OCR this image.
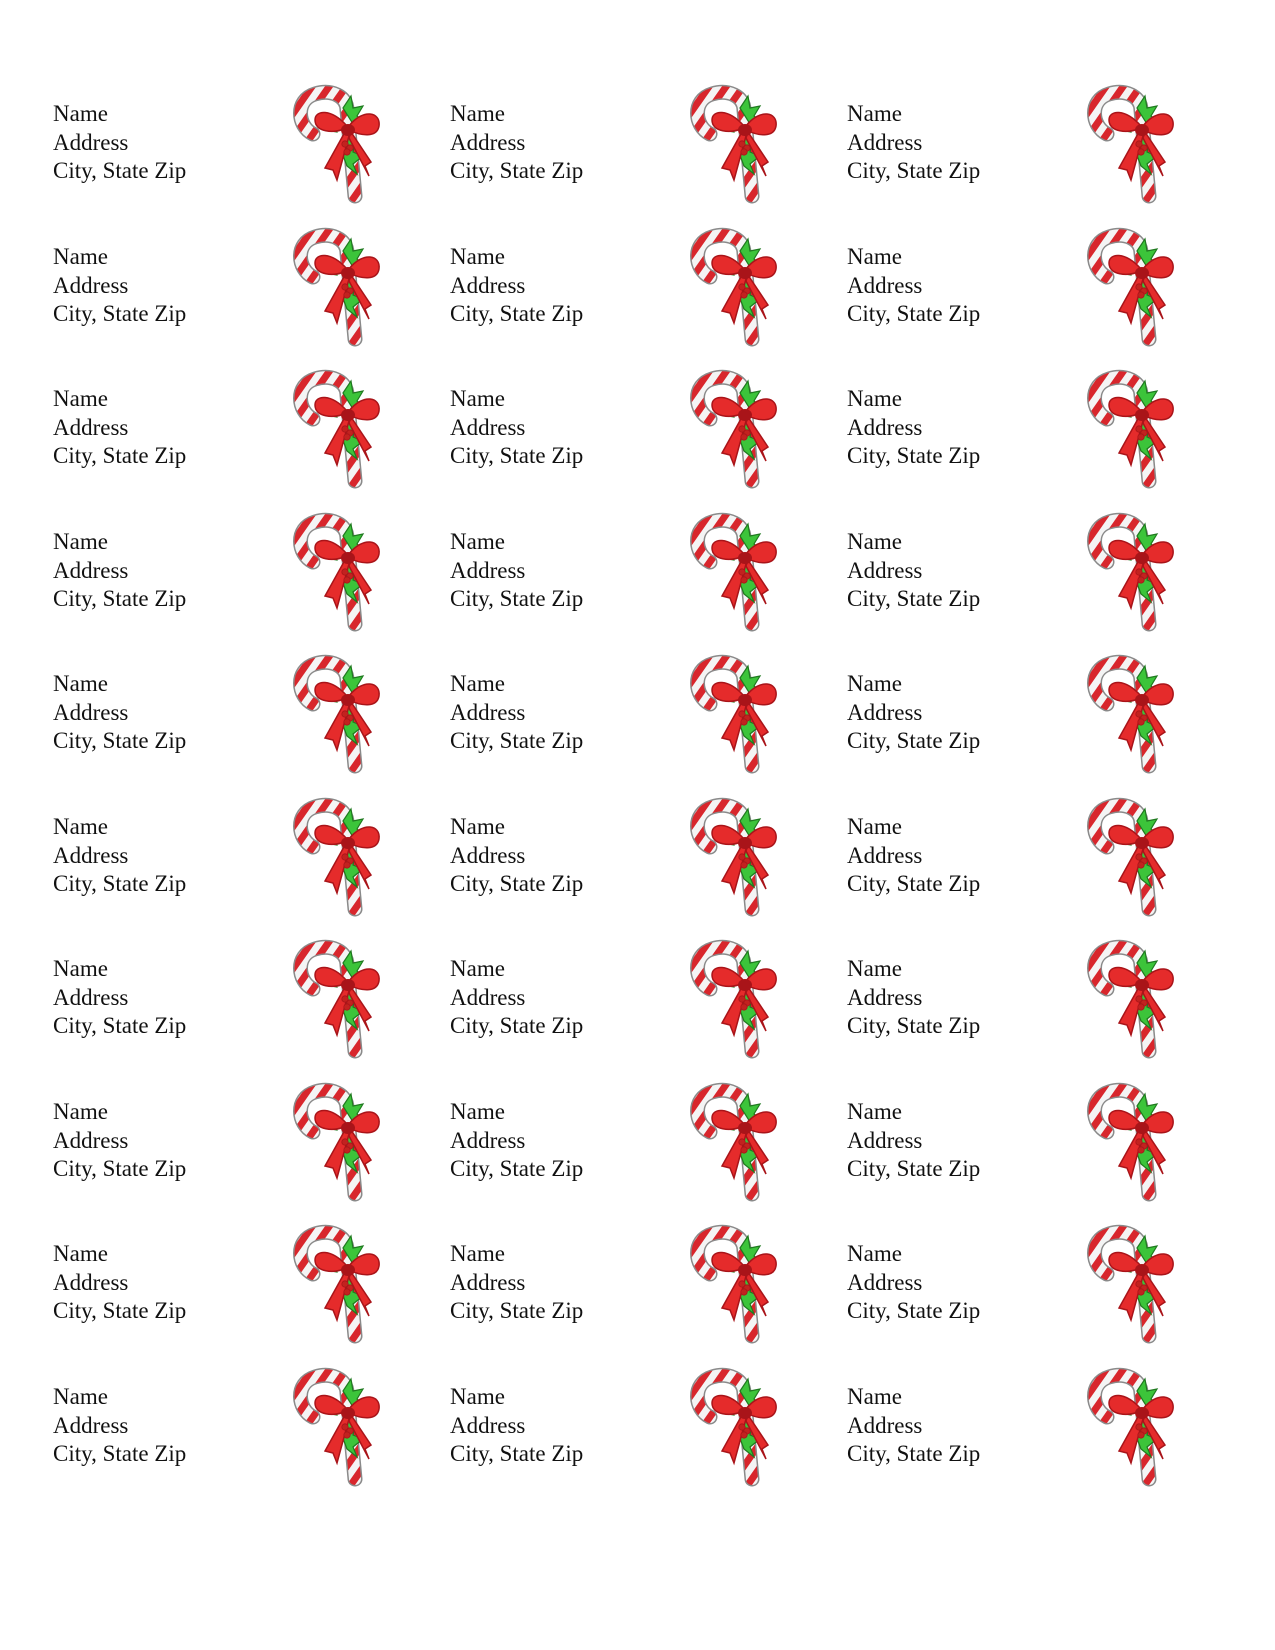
Name
Address
City, State Zip
Name
Address
City, State Zip
Name
Address
City, State Zip
Name
Address
City, State Zip
Name
Address
City, State Zip
Name
Address
City, State Zip
Name
Address
City, State Zip
Name
Address
City, State Zip
Name
Address
City, State Zip
Name
Address
City, State Zip
Name
Address
City, State Zip
Name
Address
City, State Zip
Name
Address
City, State Zip
Name
Address
City, State Zip
Name
Address
City, State Zip
Name
Address
City, State Zip
Name
Address
City, State Zip
Name
Address
City, State Zip
Name
Address
City, State Zip
Name
Address
City, State Zip
Name
Address
City, State Zip
Name
Address
City, State Zip
Name
Address
City, State Zip
Name
Address
City, State Zip
Name
Address
City, State Zip
Name
Address
City, State Zip
Name
Address
City, State Zip
Name
Address
City, State Zip
Name
Address
City, State Zip
Name
Address
City, State Zip
